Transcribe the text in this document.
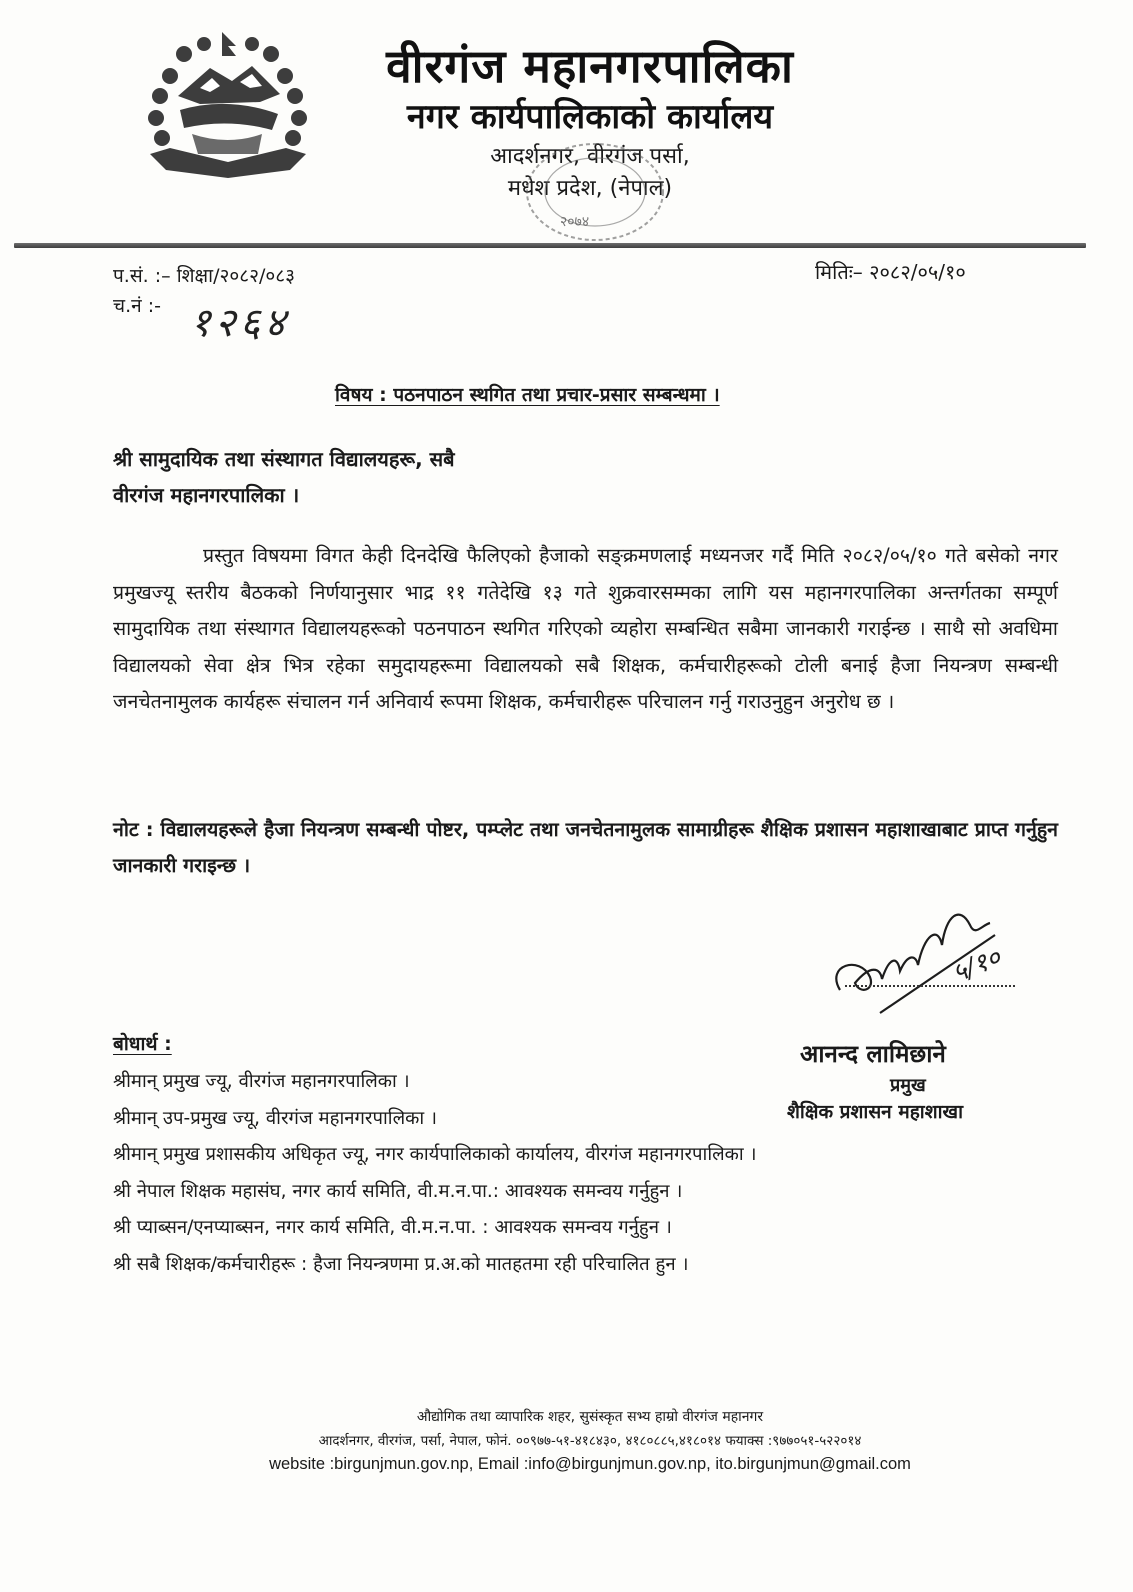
वीरगंज महानगरपालिका
नगर कार्यपालिकाको कार्यालय
आदर्शनगर, वीरगंज पर्सा,
मधेश प्रदेश, (नेपाल)
२०७४
प.सं. :– शिक्षा/२०८२/०८३
च.नं :- १२६४
मितिः– २०८२/०५/१०
विषय : पठनपाठन स्थगित तथा प्रचार-प्रसार सम्बन्धमा ।
श्री सामुदायिक तथा संस्थागत विद्यालयहरू, सबै
वीरगंज महानगरपालिका ।

प्रस्तुत विषयमा विगत केही दिनदेखि फैलिएको हैजाको सङ्क्रमणलाई मध्यनजर गर्दै मिति २०८२/०५/१० गते बसेको नगर प्रमुखज्यू स्तरीय बैठकको निर्णयानुसार भाद्र ११ गतेदेखि १३ गते शुक्रवारसम्मका लागि यस महानगरपालिका अन्तर्गतका सम्पूर्ण सामुदायिक तथा संस्थागत विद्यालयहरूको पठनपाठन स्थगित गरिएको व्यहोरा सम्बन्धित सबैमा जानकारी गराईन्छ । साथै सो अवधिमा विद्यालयको सेवा क्षेत्र भित्र रहेका समुदायहरूमा विद्यालयको सबै शिक्षक, कर्मचारीहरूको टोली बनाई हैजा नियन्त्रण सम्बन्धी जनचेतनामुलक कार्यहरू संचालन गर्न अनिवार्य रूपमा शिक्षक, कर्मचारीहरू परिचालन गर्नु गराउनुहुन अनुरोध छ ।

नोट : विद्यालयहरूले हैजा नियन्त्रण सम्बन्धी पोष्टर, पम्प्लेट तथा जनचेतनामुलक सामाग्रीहरू शैक्षिक प्रशासन महाशाखाबाट प्राप्त गर्नुहुन जानकारी गराइन्छ ।

५/१०
आनन्द लामिछाने
प्रमुख
शैक्षिक प्रशासन महाशाखा
बोधार्थ :
श्रीमान् प्रमुख ज्यू, वीरगंज महानगरपालिका ।
श्रीमान् उप-प्रमुख ज्यू, वीरगंज महानगरपालिका ।
श्रीमान् प्रमुख प्रशासकीय अधिकृत ज्यू, नगर कार्यपालिकाको कार्यालय, वीरगंज महानगरपालिका ।
श्री नेपाल शिक्षक महासंघ, नगर कार्य समिति, वी.म.न.पा.: आवश्यक समन्वय गर्नुहुन ।
श्री प्याब्सन/एनप्याब्सन, नगर कार्य समिति, वी.म.न.पा. : आवश्यक समन्वय गर्नुहुन ।
श्री सबै शिक्षक/कर्मचारीहरू : हैजा नियन्त्रणमा प्र.अ.को मातहतमा रही परिचालित हुन ।
औद्योगिक तथा व्यापारिक शहर, सुसंस्कृत सभ्य हाम्रो वीरगंज महानगर
आदर्शनगर, वीरगंज, पर्सा, नेपाल, फोनं. ००९७७-५१-४१८४३०, ४१८०८८५,४१८०१४ फयाक्स :९७७०५१-५२२०१४
website :birgunjmun.gov.np, Email :info@birgunjmun.gov.np, ito.birgunjmun@gmail.com
